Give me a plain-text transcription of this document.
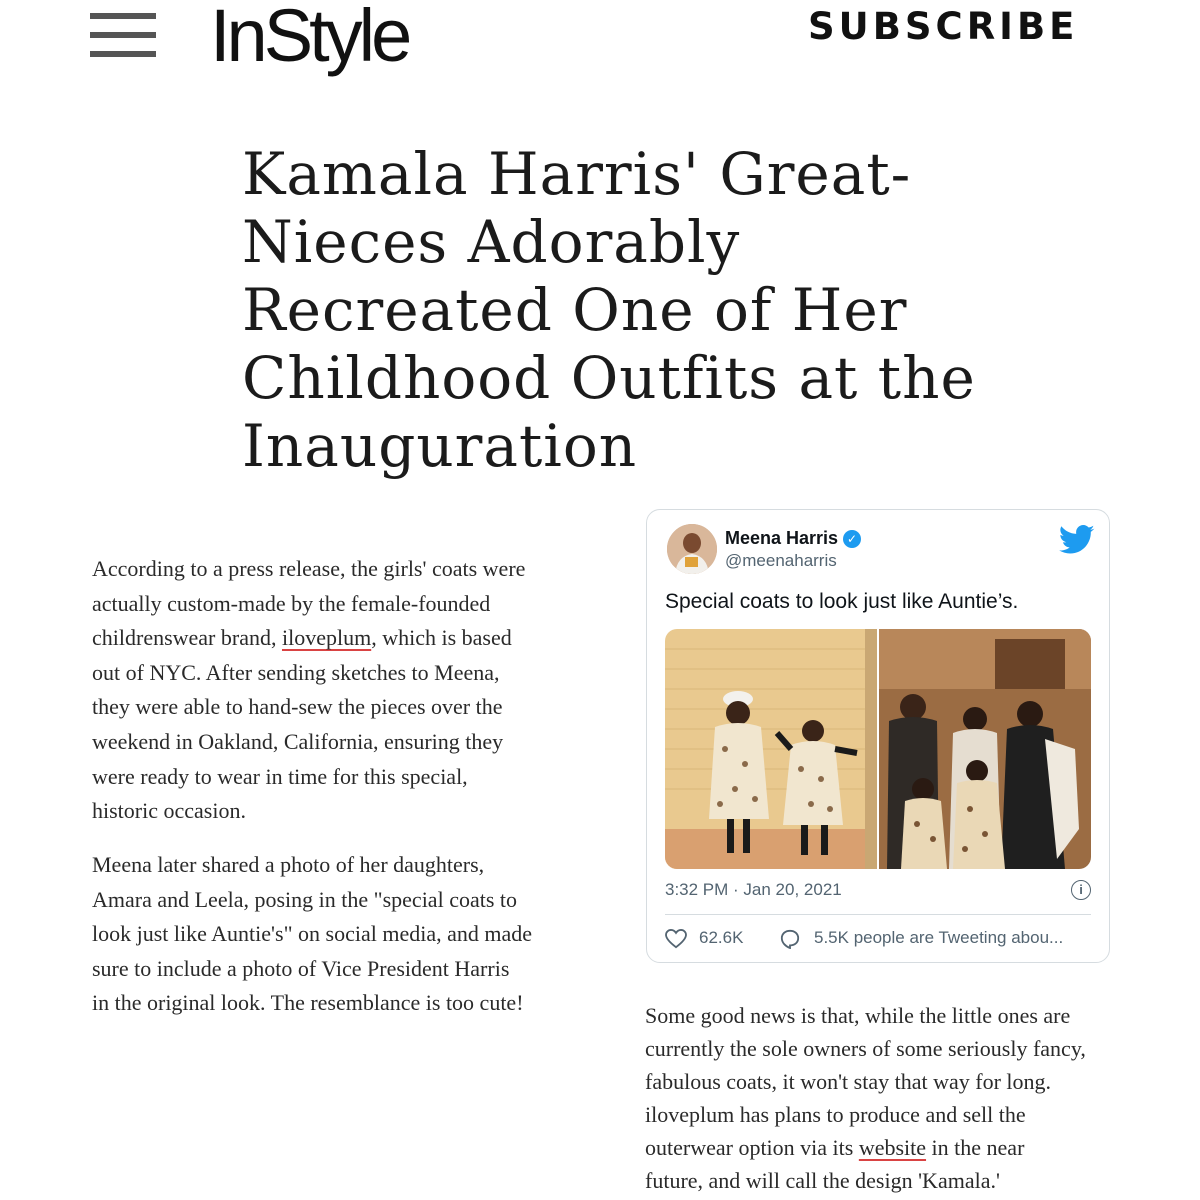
InStyle	SUBSCRIBE
Kamala Harris' Great-
Nieces Adorably
Recreated One of Her
Childhood Outfits at the
Inauguration

According to a press release, the girls' coats were
actually custom-made by the female-founded
childrenswear brand, iloveplum, which is based
out of NYC. After sending sketches to Meena,
they were able to hand-sew the pieces over the
weekend in Oakland, California, ensuring they
were ready to wear in time for this special,
historic occasion.

Meena later shared a photo of her daughters,
Amara and Leela, posing in the "special coats to
look just like Auntie's" on social media, and made
sure to include a photo of Vice President Harris
in the original look. The resemblance is too cute!

Meena Harris ✓
@meenaharris
Special coats to look just like Auntie’s.
3:32 PM · Jan 20, 2021	i
62.6K	5.5K people are Tweeting abou...

Some good news is that, while the little ones are
currently the sole owners of some seriously fancy,
fabulous coats, it won't stay that way for long.
iloveplum has plans to produce and sell the
outerwear option via its website in the near
future, and will call the design 'Kamala.'
